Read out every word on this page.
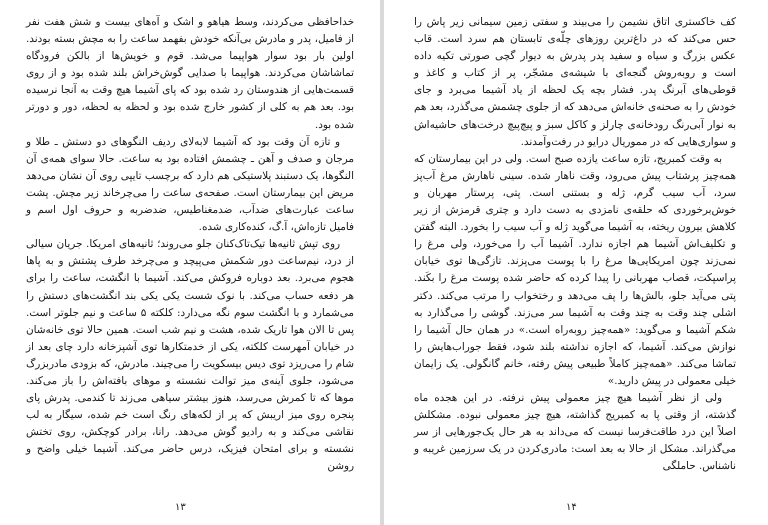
خداحافظی می‌کردند، وسط هیاهو و اشک و آه‌های بیست و شش هفت نفر از فامیل، پدر و مادرش بی‌آنکه خودش بفهمد ساعت را به مچش بسته بودند. اولین بار بود سوار هواپیما می‌شد. قوم و خویش‌ها از بالکن فرودگاه تماشاشان می‌کردند. هواپیما با صدایی گوش‌خراش بلند شده بود و از روی قسمت‌هایی از هندوستان رد شده بود که پای آشیما هیچ وقت به آنجا نرسیده بود. بعد هم به کلی از کشور خارج شده بود و لحظه به لحظه، دور و دورتر شده بود.

و تازه آن وقت بود که آشیما لابه‌لای ردیف النگوهای دو دستش ـ طلا و مرجان و صدف و آهن ـ چشمش افتاده بود به ساعت. حالا سوای همه‌ی آن النگوها، یک دستبند پلاستیکی هم دارد که برچسب تایپی روی آن نشان می‌دهد مریض این بیمارستان است. صفحه‌ی ساعت را می‌چرخاند زیر مچش. پشت ساعت عبارت‌های ضدآب، ضدمغناطیس، ضدضربه و حروف اول اسم و فامیل تازه‌اش، آ.گ، کنده‌کاری شده.

روی تپش ثانیه‌ها تیک‌تاک‌کنان جلو می‌روند؛ ثانیه‌های امریکا. جریان سیالی از درد، نیم‌ساعت دور شکمش می‌پیچد و می‌چرخد طرف پشتش و به پاها هجوم می‌برد. بعد دوباره فروکش می‌کند. آشیما با انگشت، ساعت را برای هر دفعه حساب می‌کند. با نوک شست یکی یکی بند انگشت‌های دستش را می‌شمارد و با انگشت سوم نگه می‌دارد: کلکته ۵ ساعت و نیم جلوتر است. پس تا الان هوا تاریک شده، هشت و نیم شب است. همین حالا توی خانه‌شان در خیابان آمهرست کلکته، یکی از خدمتکارها توی آشپزخانه دارد چای بعد از شام را می‌ریزد توی دیس بیسکویت را می‌چیند. مادرش، که بزودی مادربزرگ می‌شود، جلوی آینه‌ی میز توالت نشسته و موهای بافته‌اش را باز می‌کند. موها که تا کمرش می‌رسد، هنوز بیشتر سیاهی می‌زند تا کندمی. پدرش پای پنجره روی میز اریبش که پر از لکه‌های رنگ است خم شده، سیگار به لب نقاشی می‌کند و به رادیو گوش می‌دهد. رانا، برادر کوچکش، روی تختش نشسته و برای امتحان فیزیک، درس حاضر می‌کند. آشیما خیلی واضح و روشن

۱۳

کف خاکستری اتاق نشیمن را می‌بیند و سفتی زمین سیمانی زیر پاش را حس می‌کند که در داغ‌ترین روزهای چلّه‌ی تابستان هم سرد است. قاب عکس بزرگ و سیاه و سفید پدر پدرش به دیوار گچی صورتی تکیه داده است و روبه‌روش گنجه‌ای با شیشه‌ی مشجّر، پر از کتاب و کاغذ و قوطی‌های آبرنگ پدر. فشار بچه یک لحظه از یاد آشیما می‌برد و جای خودش را به صحنه‌ی خانه‌اش می‌دهد که از جلوی چشمش می‌گذرد، بعد هم به نوار آبی‌رنگ رودخانه‌ی چارلز و کاکل سبز و پیچ‌پیچ درخت‌های حاشیه‌اش و سواری‌هایی که در مموریال درایو در رفت‌وآمدند.

به وقت کمبریج، تازه ساعت یازده صبح است. ولی در این بیمارستان که همه‌چیز پرشتاب پیش می‌رود، وقت ناهار شده. سینی ناهارش مرغ آب‌پز سرد، آب سیب گرم، ژله و بستنی است. پتی، پرستار مهربان و خوش‌برخوردی که حلقه‌ی نامزدی به دست دارد و چتری قرمزش از زیر کلاهش بیرون ریخته، به آشیما می‌گوید ژله و آب سیب را بخورد. البته گفتن و تکلیف‌اش آشیما هم اجازه ندارد. آشیما آب را می‌خورد، ولی مرغ را نمی‌زند چون امریکایی‌ها مرغ را با پوست می‌پزند. تازگی‌ها توی خیابان پراسپکت، قصاب مهربانی را پیدا کرده که حاضر شده پوست مرغ را بکَند. پتی می‌آید جلو، بالش‌ها را پف می‌دهد و رختخواب را مرتب می‌کند. دکتر اشلی چند وقت به چند وقت به آشیما سر می‌زند. گوشی را می‌گذارد به شکم آشیما و می‌گوید: «همه‌چیز روبه‌راه است.» در همان حال آشیما را نوازش می‌کند. آشیما، که اجازه نداشته بلند شود، فقط جوراب‌هایش را تماشا می‌کند. «همه‌چیز کاملاً طبیعی پیش رفته، خانم گانگولی. یک زایمان خیلی معمولی در پیش دارید.»

ولی از نظر آشیما هیچ چیز معمولی پیش نرفته. در این هجده ماه گذشته، از وقتی پا به کمبریج گذاشته، هیچ چیز معمولی نبوده. مشکلش اصلاً این درد طاقت‌فرسا نیست که می‌داند به هر حال یک‌جورهایی از سر می‌گذراند. مشکل از حالا به بعد است: مادری‌کردن در یک سرزمین غریبه و ناشناس. حاملگی

۱۴
